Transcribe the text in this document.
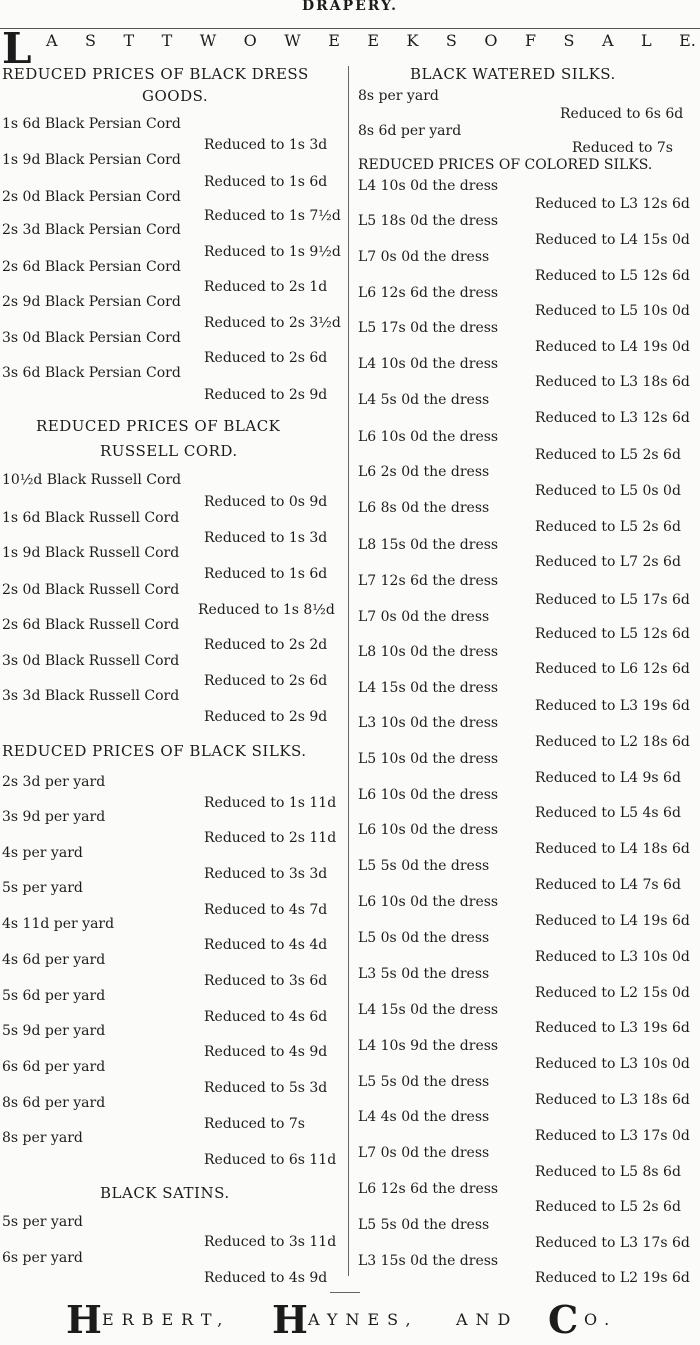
DRAPERY.
L A S T T W O W E E K S O F S A L E.
REDUCED PRICES OF BLACK DRESS
GOODS.
1s 6d Black Persian Cord
Reduced to 1s 3d
1s 9d Black Persian Cord
Reduced to 1s 6d
2s 0d Black Persian Cord
Reduced to 1s 7½d
2s 3d Black Persian Cord
Reduced to 1s 9½d
2s 6d Black Persian Cord
Reduced to 2s 1d
2s 9d Black Persian Cord
Reduced to 2s 3½d
3s 0d Black Persian Cord
Reduced to 2s 6d
3s 6d Black Persian Cord
Reduced to 2s 9d
REDUCED PRICES OF BLACK
RUSSELL CORD.
10½d Black Russell Cord
Reduced to 0s 9d
1s 6d Black Russell Cord
Reduced to 1s 3d
1s 9d Black Russell Cord
Reduced to 1s 6d
2s 0d Black Russell Cord
Reduced to 1s 8½d
2s 6d Black Russell Cord
Reduced to 2s 2d
3s 0d Black Russell Cord
Reduced to 2s 6d
3s 3d Black Russell Cord
Reduced to 2s 9d
REDUCED PRICES OF BLACK SILKS.
2s 3d per yard
Reduced to 1s 11d
3s 9d per yard
Reduced to 2s 11d
4s per yard
Reduced to 3s 3d
5s per yard
Reduced to 4s 7d
4s 11d per yard
Reduced to 4s 4d
4s 6d per yard
Reduced to 3s 6d
5s 6d per yard
Reduced to 4s 6d
5s 9d per yard
Reduced to 4s 9d
6s 6d per yard
Reduced to 5s 3d
8s 6d per yard
Reduced to 7s
8s per yard
Reduced to 6s 11d
BLACK SATINS.
5s per yard
Reduced to 3s 11d
6s per yard
Reduced to 4s 9d
BLACK WATERED SILKS.
8s per yard
Reduced to 6s 6d
8s 6d per yard
Reduced to 7s
REDUCED PRICES OF COLORED SILKS.
L4 10s 0d the dress
Reduced to L3 12s 6d
L5 18s 0d the dress
Reduced to L4 15s 0d
L7 0s 0d the dress
Reduced to L5 12s 6d
L6 12s 6d the dress
Reduced to L5 10s 0d
L5 17s 0d the dress
Reduced to L4 19s 0d
L4 10s 0d the dress
Reduced to L3 18s 6d
L4 5s 0d the dress
Reduced to L3 12s 6d
L6 10s 0d the dress
Reduced to L5 2s 6d
L6 2s 0d the dress
Reduced to L5 0s 0d
L6 8s 0d the dress
Reduced to L5 2s 6d
L8 15s 0d the dress
Reduced to L7 2s 6d
L7 12s 6d the dress
Reduced to L5 17s 6d
L7 0s 0d the dress
Reduced to L5 12s 6d
L8 10s 0d the dress
Reduced to L6 12s 6d
L4 15s 0d the dress
Reduced to L3 19s 6d
L3 10s 0d the dress
Reduced to L2 18s 6d
L5 10s 0d the dress
Reduced to L4 9s 6d
L6 10s 0d the dress
Reduced to L5 4s 6d
L6 10s 0d the dress
Reduced to L4 18s 6d
L5 5s 0d the dress
Reduced to L4 7s 6d
L6 10s 0d the dress
Reduced to L4 19s 6d
L5 0s 0d the dress
Reduced to L3 10s 0d
L3 5s 0d the dress
Reduced to L2 15s 0d
L4 15s 0d the dress
Reduced to L3 19s 6d
L4 10s 9d the dress
Reduced to L3 10s 0d
L5 5s 0d the dress
Reduced to L3 18s 6d
L4 4s 0d the dress
Reduced to L3 17s 0d
L7 0s 0d the dress
Reduced to L5 8s 6d
L6 12s 6d the dress
Reduced to L5 2s 6d
L5 5s 0d the dress
Reduced to L3 17s 6d
L3 15s 0d the dress
Reduced to L2 19s 6d
H ERBERT, H AYNES, AND C O.
